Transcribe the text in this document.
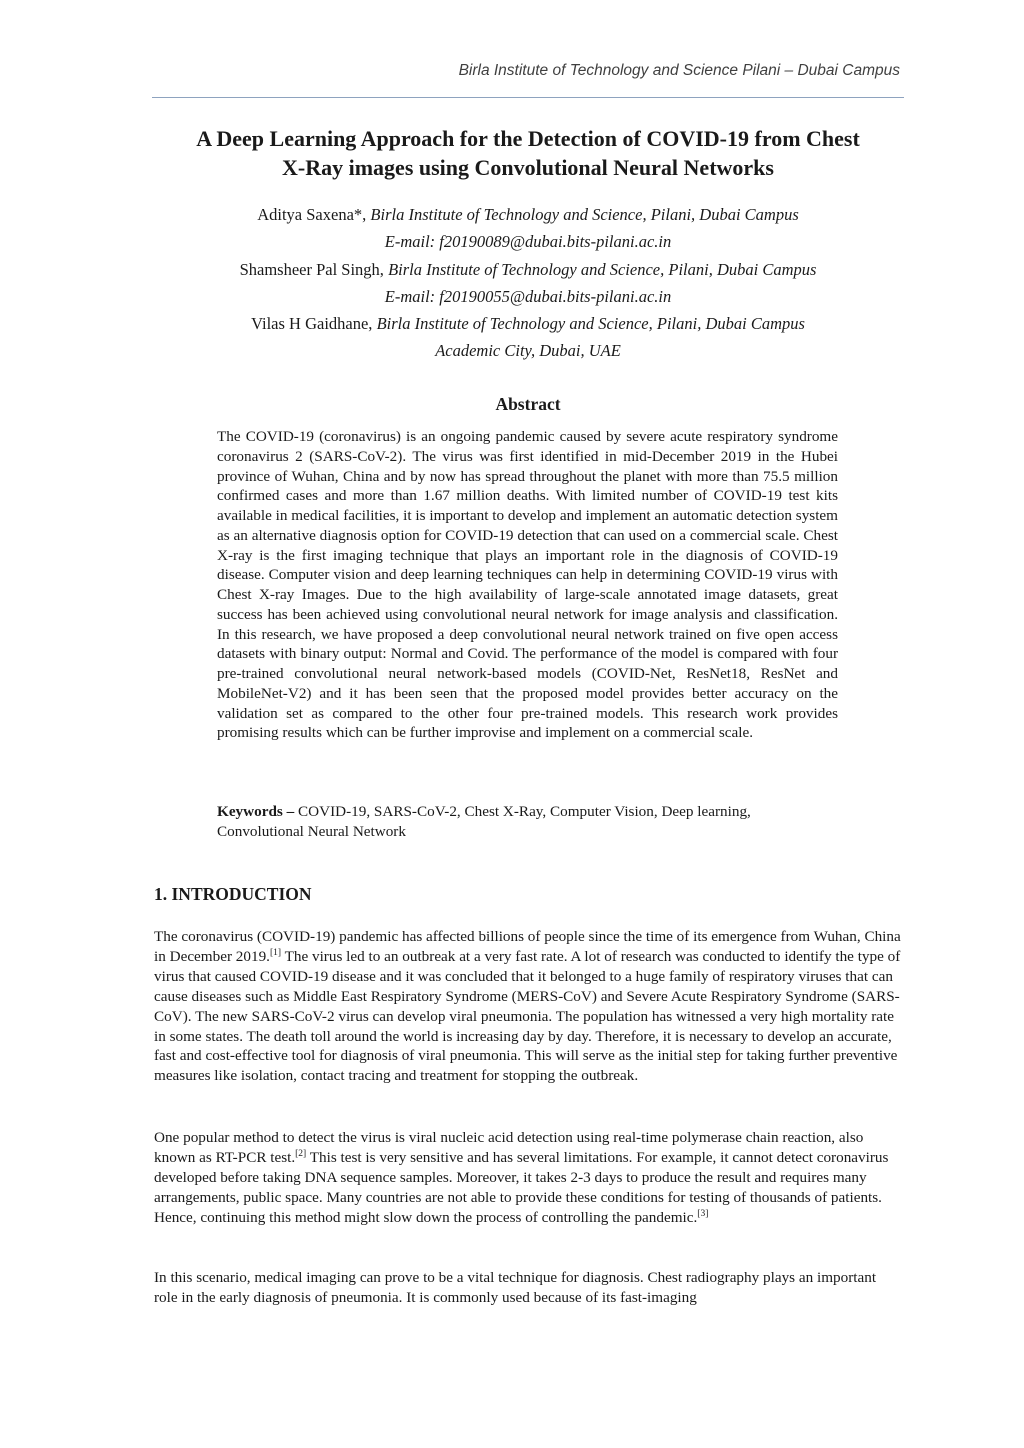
Birla Institute of Technology and Science Pilani – Dubai Campus
A Deep Learning Approach for the Detection of COVID-19 from Chest
X-Ray images using Convolutional Neural Networks
Aditya Saxena*, Birla Institute of Technology and Science, Pilani, Dubai Campus
E-mail: f20190089@dubai.bits-pilani.ac.in
Shamsheer Pal Singh, Birla Institute of Technology and Science, Pilani, Dubai Campus
E-mail: f20190055@dubai.bits-pilani.ac.in
Vilas H Gaidhane, Birla Institute of Technology and Science, Pilani, Dubai Campus
Academic City, Dubai, UAE
Abstract

The COVID-19 (coronavirus) is an ongoing pandemic caused by severe acute respiratory syndrome coronavirus 2 (SARS-CoV-2). The virus was first identified in mid-December 2019 in the Hubei province of Wuhan, China and by now has spread throughout the planet with more than 75.5 million confirmed cases and more than 1.67 million deaths. With limited number of COVID-19 test kits available in medical facilities, it is important to develop and implement an automatic detection system as an alternative diagnosis option for COVID-19 detection that can used on a commercial scale. Chest X-ray is the first imaging technique that plays an important role in the diagnosis of COVID-19 disease. Computer vision and deep learning techniques can help in determining COVID-19 virus with Chest X-ray Images. Due to the high availability of large-scale annotated image datasets, great success has been achieved using convolutional neural network for image analysis and classification. In this research, we have proposed a deep convolutional neural network trained on five open access datasets with binary output: Normal and Covid. The performance of the model is compared with four pre-trained convolutional neural network-based models (COVID-Net, ResNet18, ResNet and MobileNet-V2) and it has been seen that the proposed model provides better accuracy on the validation set as compared to the other four pre-trained models. This research work provides promising results which can be further improvise and implement on a commercial scale.

Keywords – COVID-19, SARS-CoV-2, Chest X-Ray, Computer Vision, Deep learning, Convolutional Neural Network

1. INTRODUCTION

The coronavirus (COVID-19) pandemic has affected billions of people since the time of its emergence from Wuhan, China in December 2019.[1] The virus led to an outbreak at a very fast rate. A lot of research was conducted to identify the type of virus that caused COVID-19 disease and it was concluded that it belonged to a huge family of respiratory viruses that can cause diseases such as Middle East Respiratory Syndrome (MERS-CoV) and Severe Acute Respiratory Syndrome (SARS-CoV). The new SARS-CoV-2 virus can develop viral pneumonia. The population has witnessed a very high mortality rate in some states. The death toll around the world is increasing day by day. Therefore, it is necessary to develop an accurate, fast and cost-effective tool for diagnosis of viral pneumonia. This will serve as the initial step for taking further preventive measures like isolation, contact tracing and treatment for stopping the outbreak.

One popular method to detect the virus is viral nucleic acid detection using real-time polymerase chain reaction, also known as RT-PCR test.[2] This test is very sensitive and has several limitations. For example, it cannot detect coronavirus developed before taking DNA sequence samples. Moreover, it takes 2-3 days to produce the result and requires many arrangements, public space. Many countries are not able to provide these conditions for testing of thousands of patients. Hence, continuing this method might slow down the process of controlling the pandemic.[3]

In this scenario, medical imaging can prove to be a vital technique for diagnosis. Chest radiography plays an important role in the early diagnosis of pneumonia. It is commonly used because of its fast-imaging
